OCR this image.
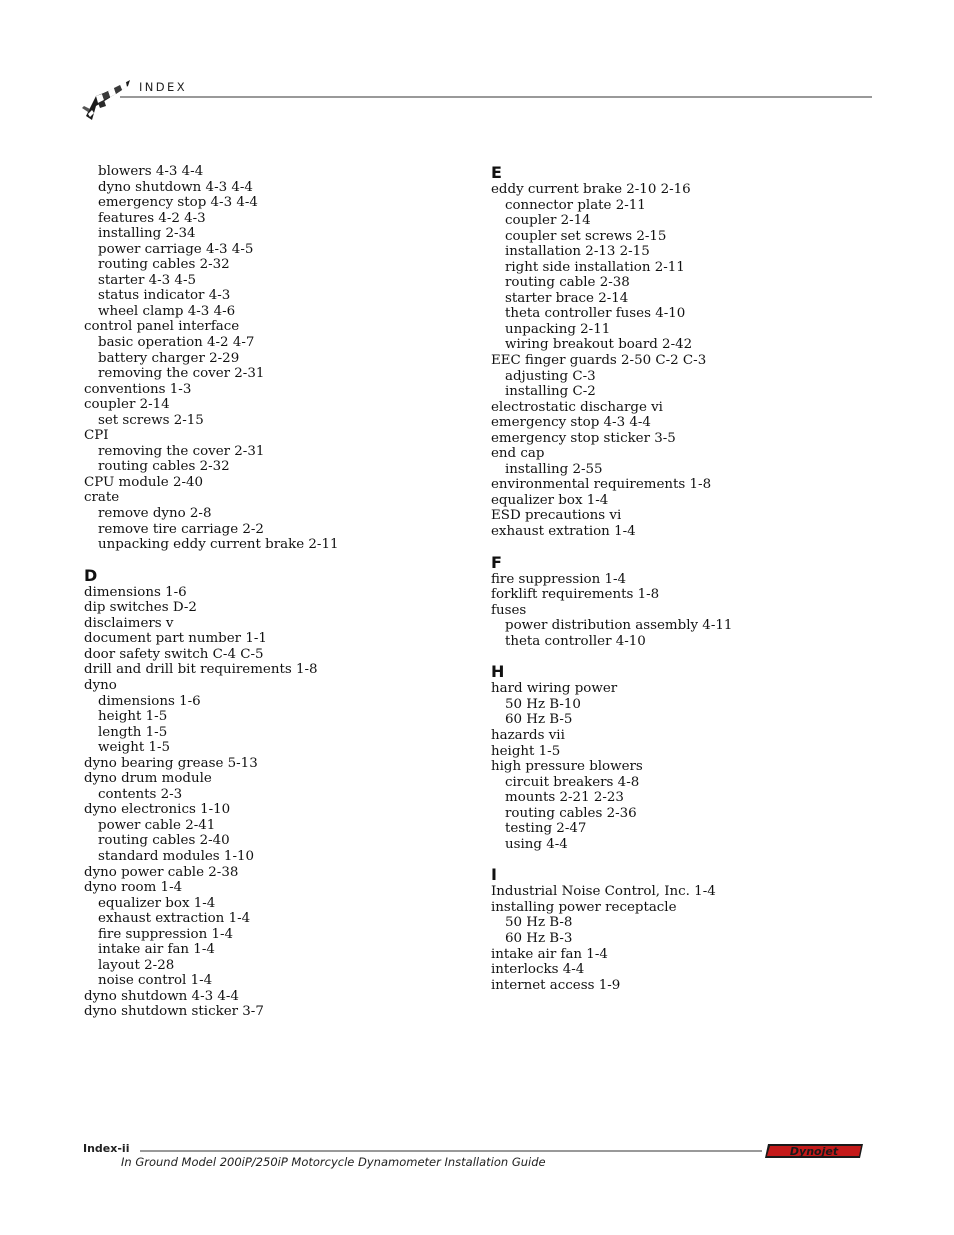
INDEX
blowers 4-3 4-4
dyno shutdown 4-3 4-4
emergency stop 4-3 4-4
features 4-2 4-3
installing 2-34
power carriage 4-3 4-5
routing cables 2-32
starter 4-3 4-5
status indicator 4-3
wheel clamp 4-3 4-6
control panel interface
basic operation 4-2 4-7
battery charger 2-29
removing the cover 2-31
conventions 1-3
coupler 2-14
set screws 2-15
CPI
removing the cover 2-31
routing cables 2-32
CPU module 2-40
crate
remove dyno 2-8
remove tire carriage 2-2
unpacking eddy current brake 2-11
D
dimensions 1-6
dip switches D-2
disclaimers v
document part number 1-1
door safety switch C-4 C-5
drill and drill bit requirements 1-8
dyno
dimensions 1-6
height 1-5
length 1-5
weight 1-5
dyno bearing grease 5-13
dyno drum module
contents 2-3
dyno electronics 1-10
power cable 2-41
routing cables 2-40
standard modules 1-10
dyno power cable 2-38
dyno room 1-4
equalizer box 1-4
exhaust extraction 1-4
fire suppression 1-4
intake air fan 1-4
layout 2-28
noise control 1-4
dyno shutdown 4-3 4-4
dyno shutdown sticker 3-7
E
eddy current brake 2-10 2-16
connector plate 2-11
coupler 2-14
coupler set screws 2-15
installation 2-13 2-15
right side installation 2-11
routing cable 2-38
starter brace 2-14
theta controller fuses 4-10
unpacking 2-11
wiring breakout board 2-42
EEC finger guards 2-50 C-2 C-3
adjusting C-3
installing C-2
electrostatic discharge vi
emergency stop 4-3 4-4
emergency stop sticker 3-5
end cap
installing 2-55
environmental requirements 1-8
equalizer box 1-4
ESD precautions vi
exhaust extration 1-4
F
fire suppression 1-4
forklift requirements 1-8
fuses
power distribution assembly 4-11
theta controller 4-10
H
hard wiring power
50 Hz B-10
60 Hz B-5
hazards vii
height 1-5
high pressure blowers
circuit breakers 4-8
mounts 2-21 2-23
routing cables 2-36
testing 2-47
using 4-4
I
Industrial Noise Control, Inc. 1-4
installing power receptacle
50 Hz B-8
60 Hz B-3
intake air fan 1-4
interlocks 4-4
internet access 1-9
Index-ii
In Ground Model 200iP/250iP Motorcycle Dynamometer Installation Guide
Dynojet
